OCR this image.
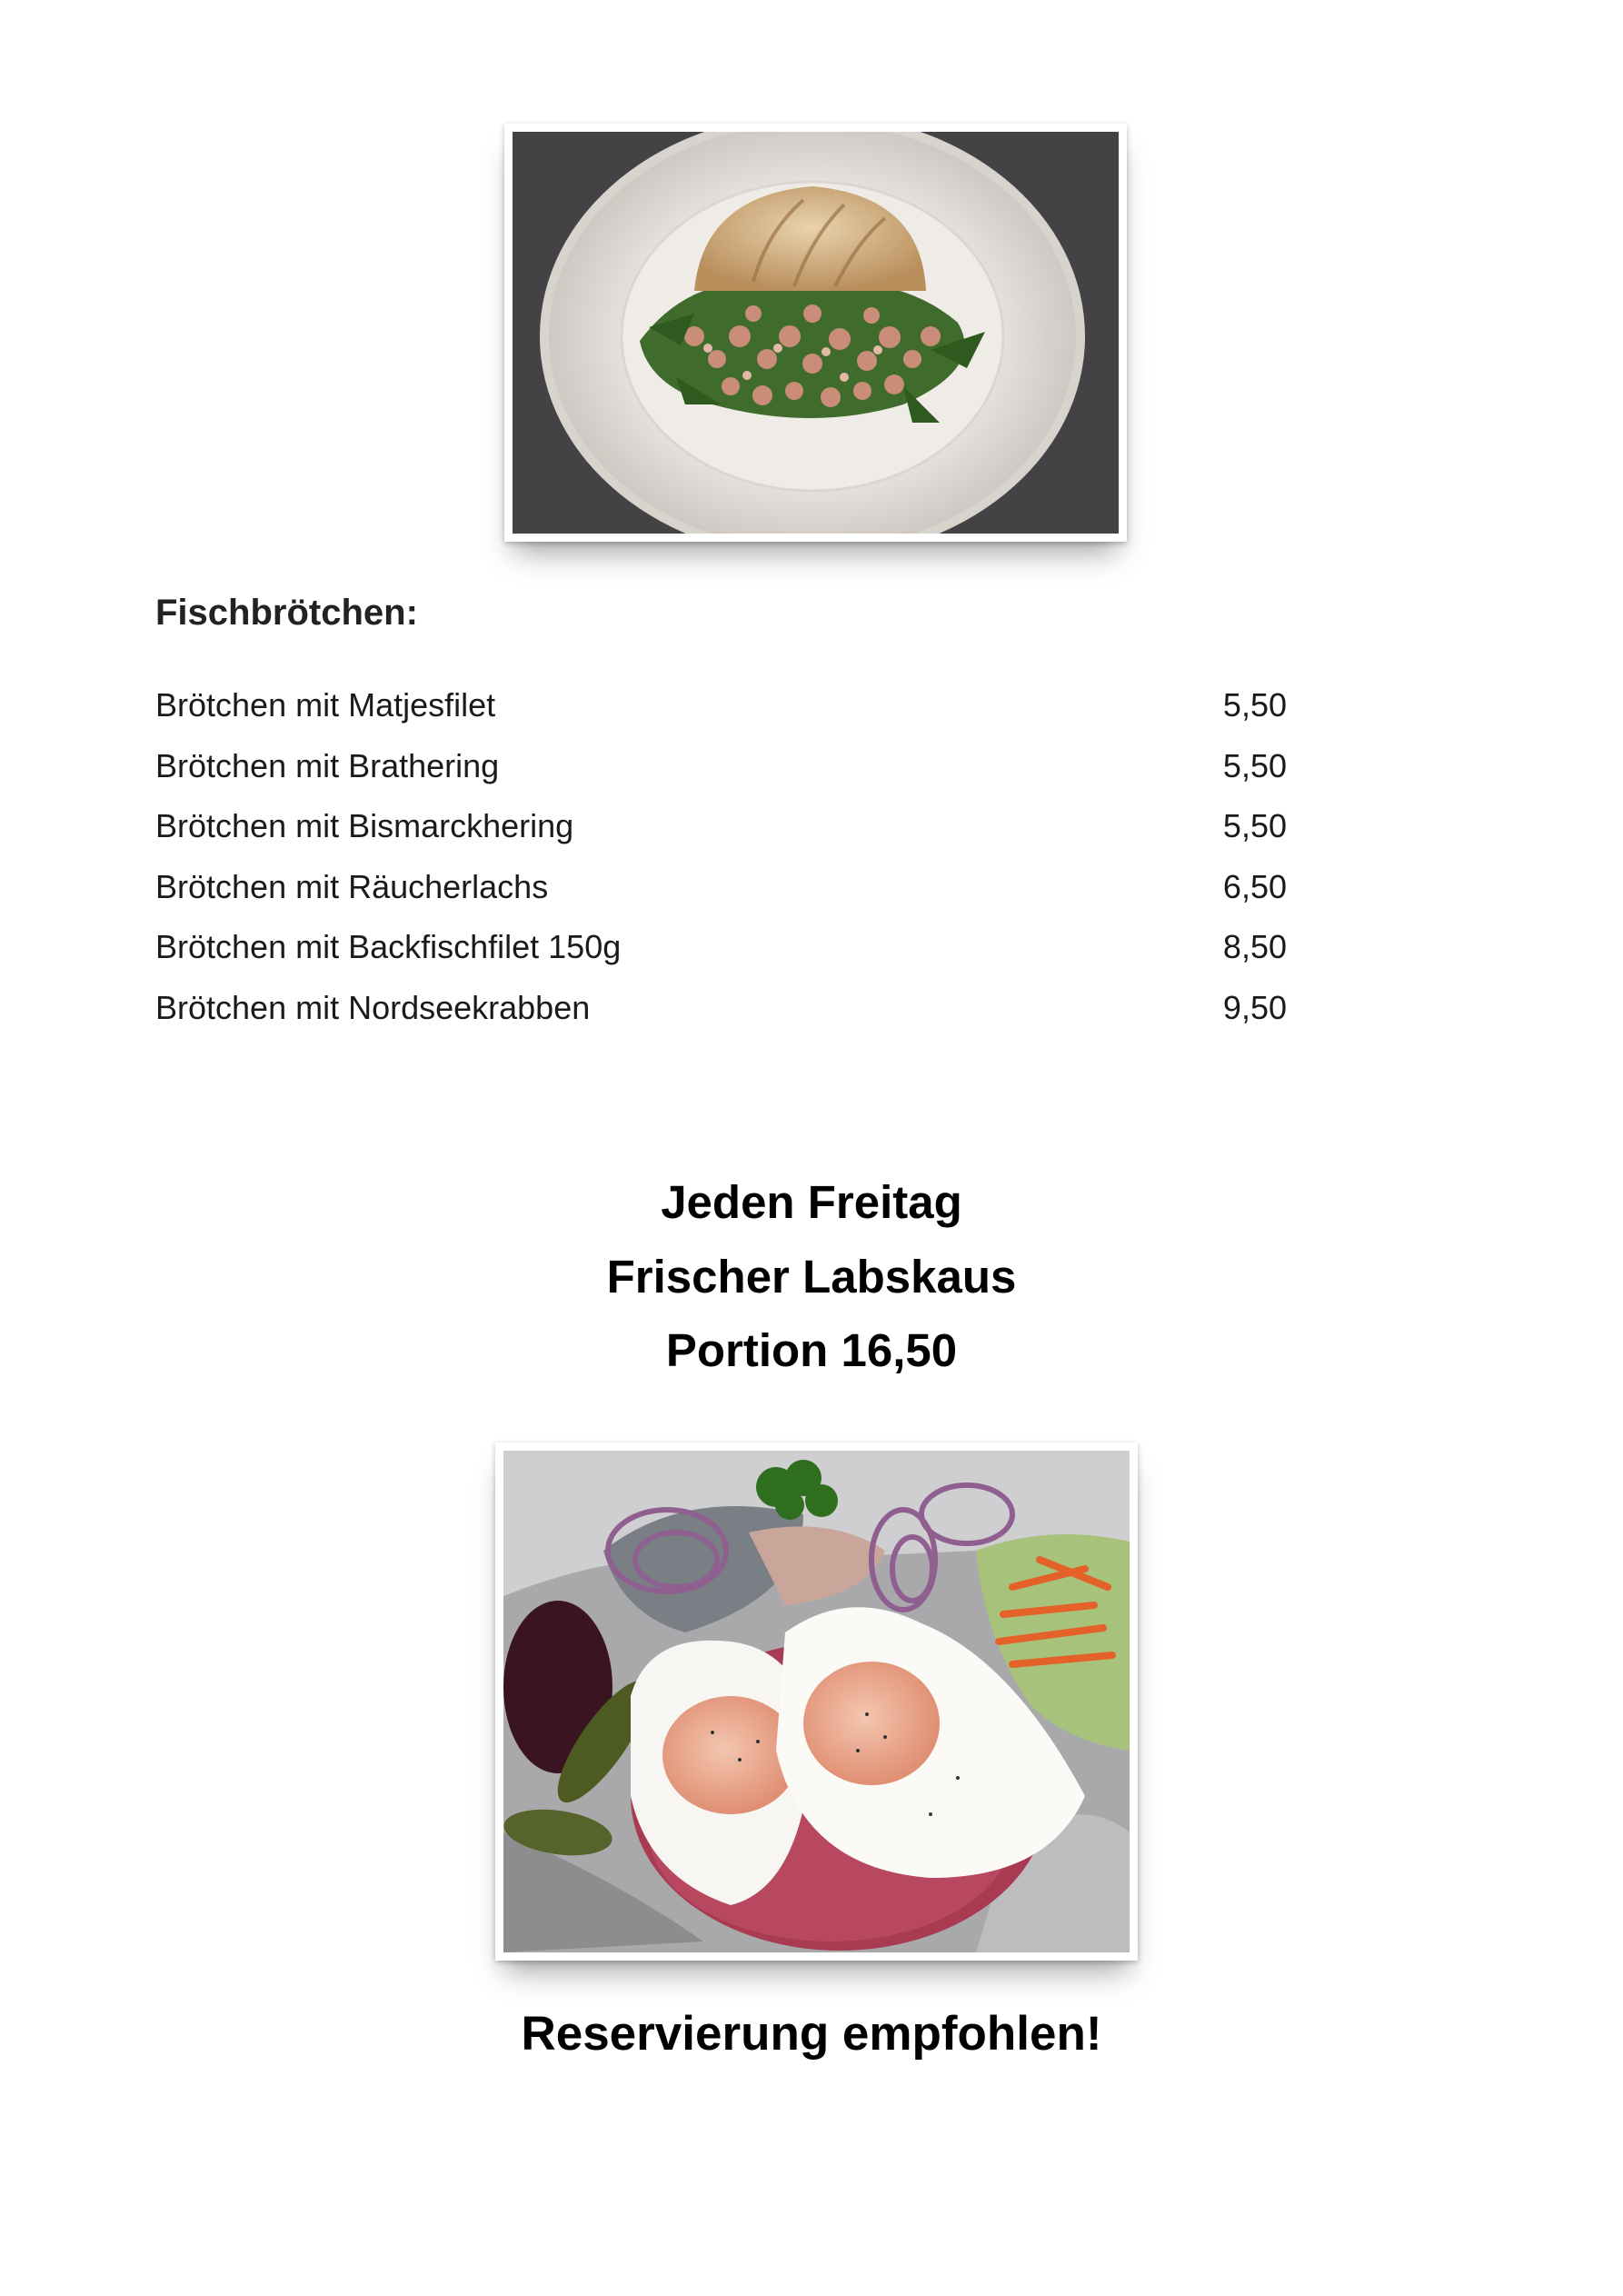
Fischbrötchen:
Brötchen mit Matjesfilet	5,50
Brötchen mit Brathering	5,50
Brötchen mit Bismarckhering	5,50
Brötchen mit Räucherlachs	6,50
Brötchen mit Backfischfilet 150g	8,50
Brötchen mit Nordseekrabben	9,50
Jeden Freitag
Frischer Labskaus
Portion 16,50
Reservierung empfohlen!
